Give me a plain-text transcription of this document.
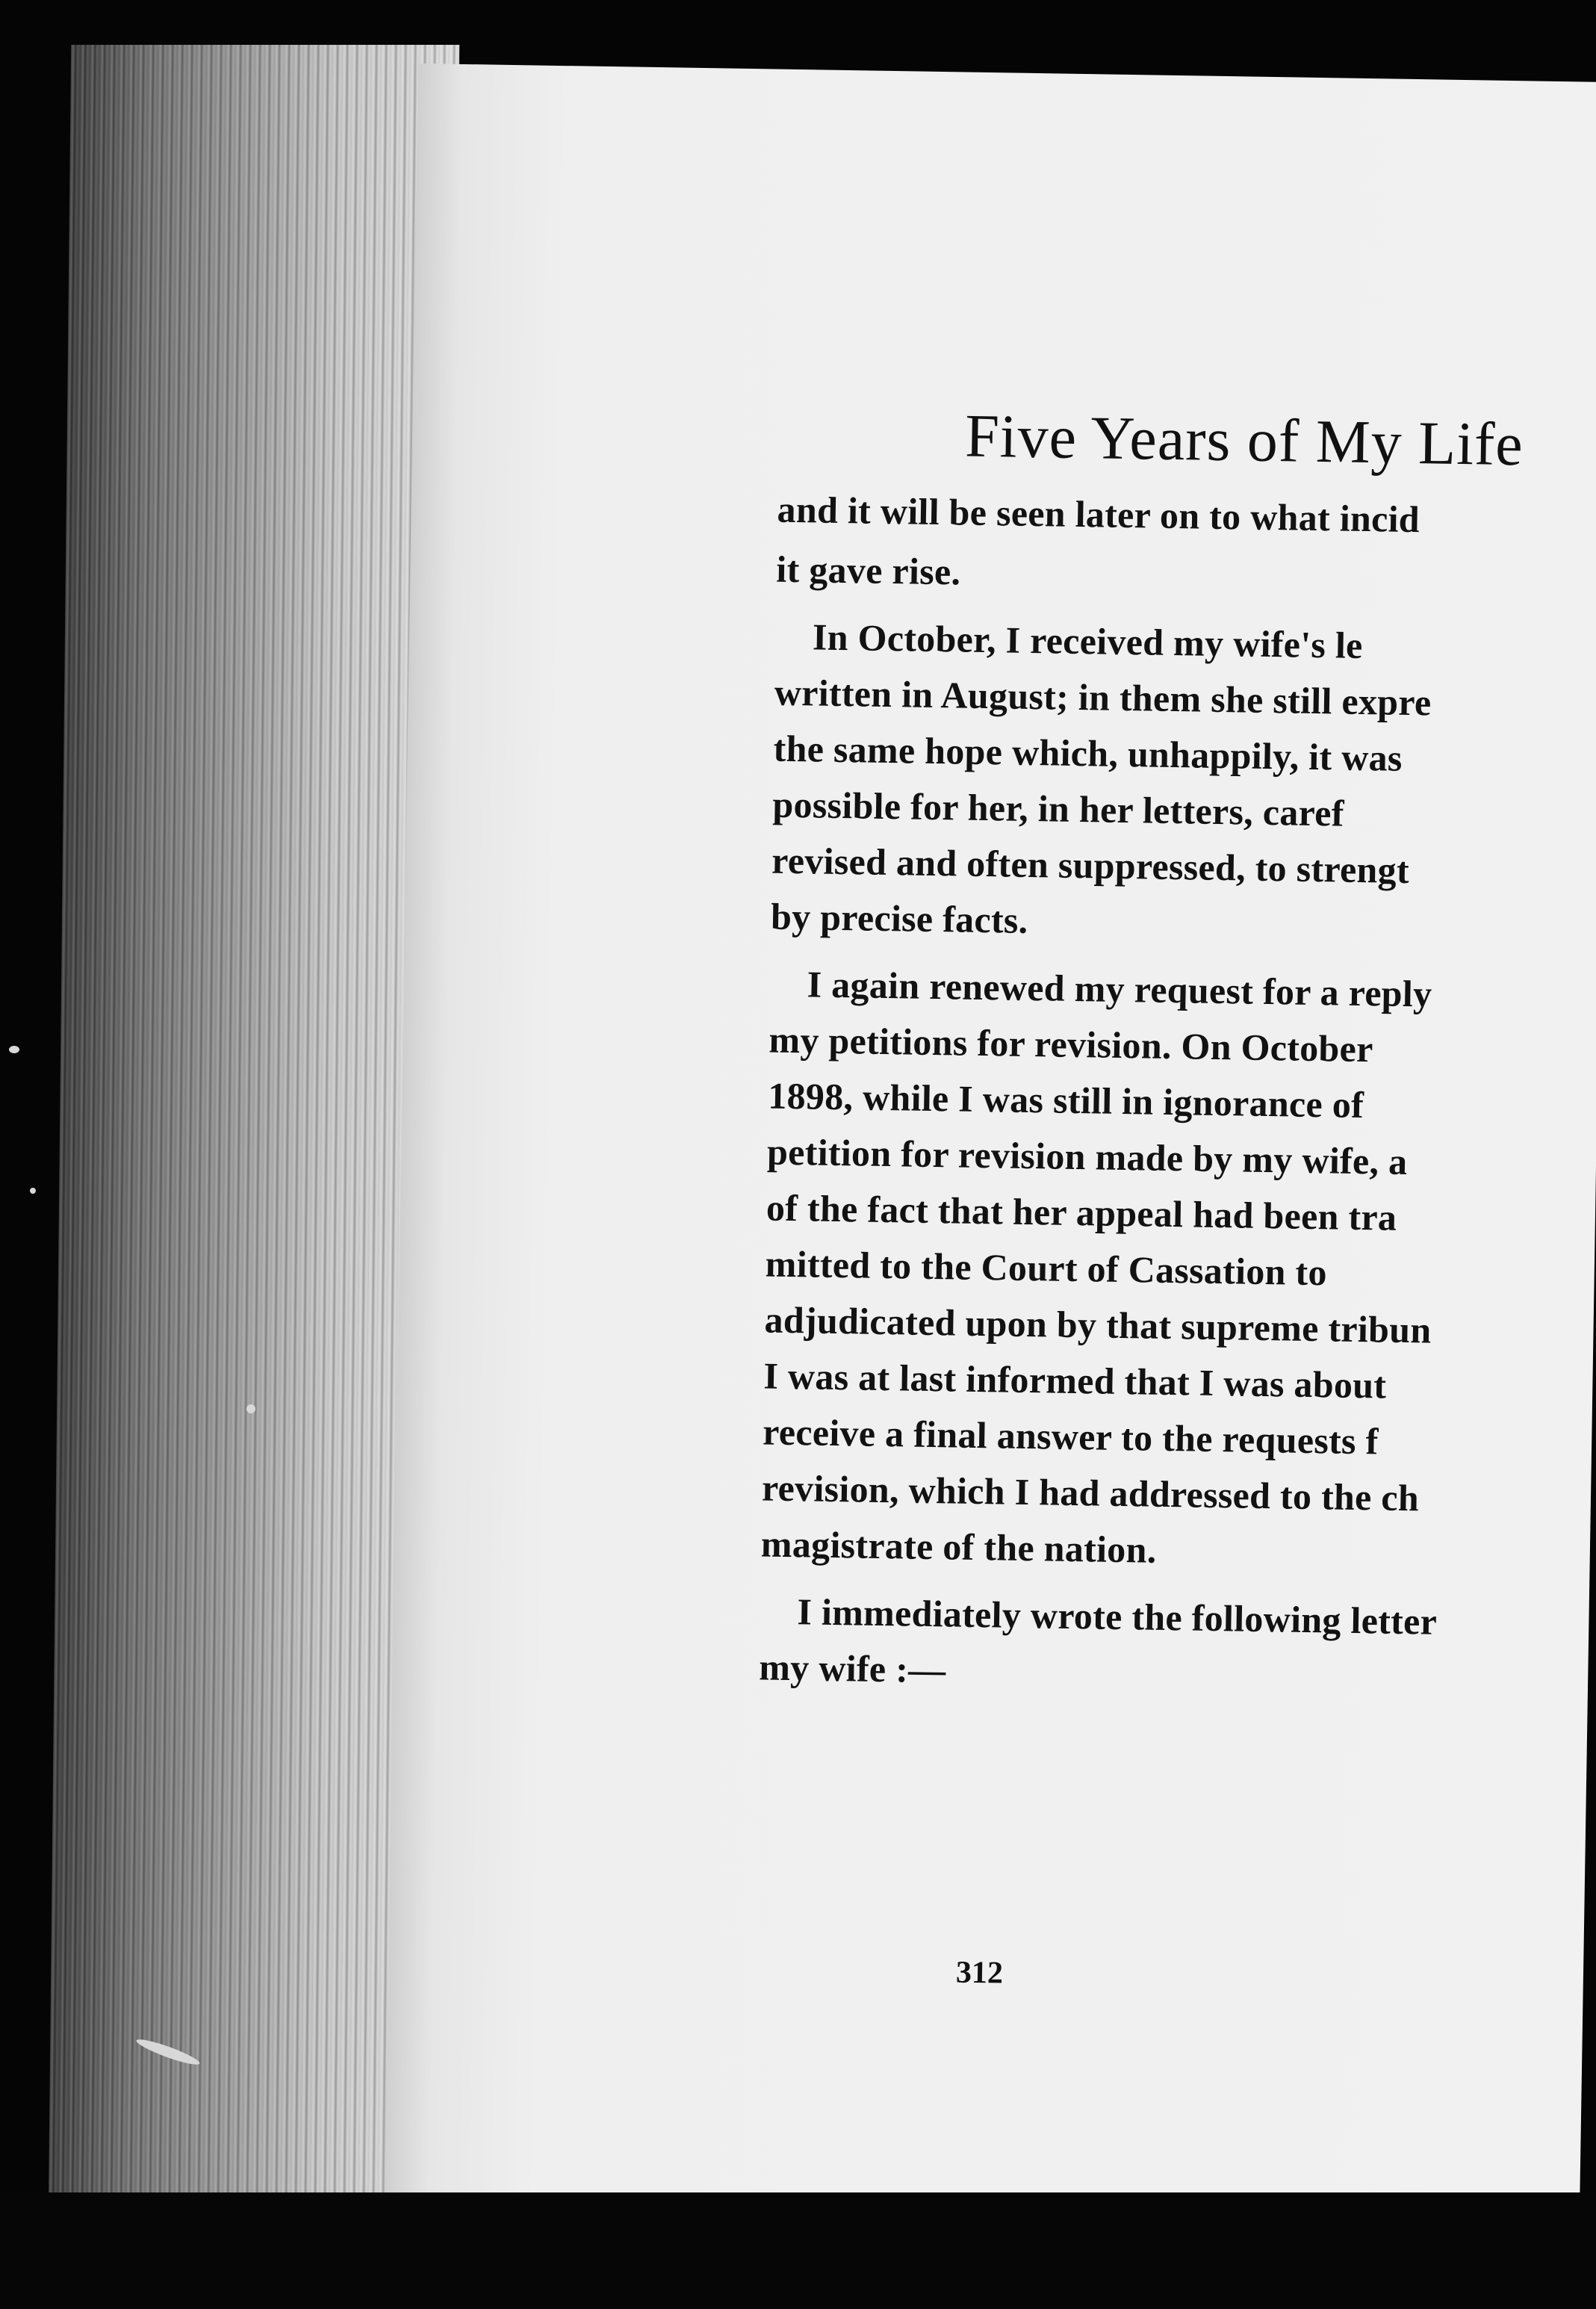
Five Years of My Life
and it will be seen later on to what incid
it gave rise.
In October, I received my wife's le
written in August; in them she still expre
the same hope which, unhappily, it was
possible for her, in her letters, caref
revised and often suppressed, to strengt
by precise facts.
I again renewed my request for a reply
my petitions for revision. On October
1898, while I was still in ignorance of
petition for revision made by my wife, a
of the fact that her appeal had been tra
mitted to the Court of Cassation to
adjudicated upon by that supreme tribun
I was at last informed that I was about
receive a final answer to the requests f
revision, which I had addressed to the ch
magistrate of the nation.
I immediately wrote the following letter
my wife :—
312
